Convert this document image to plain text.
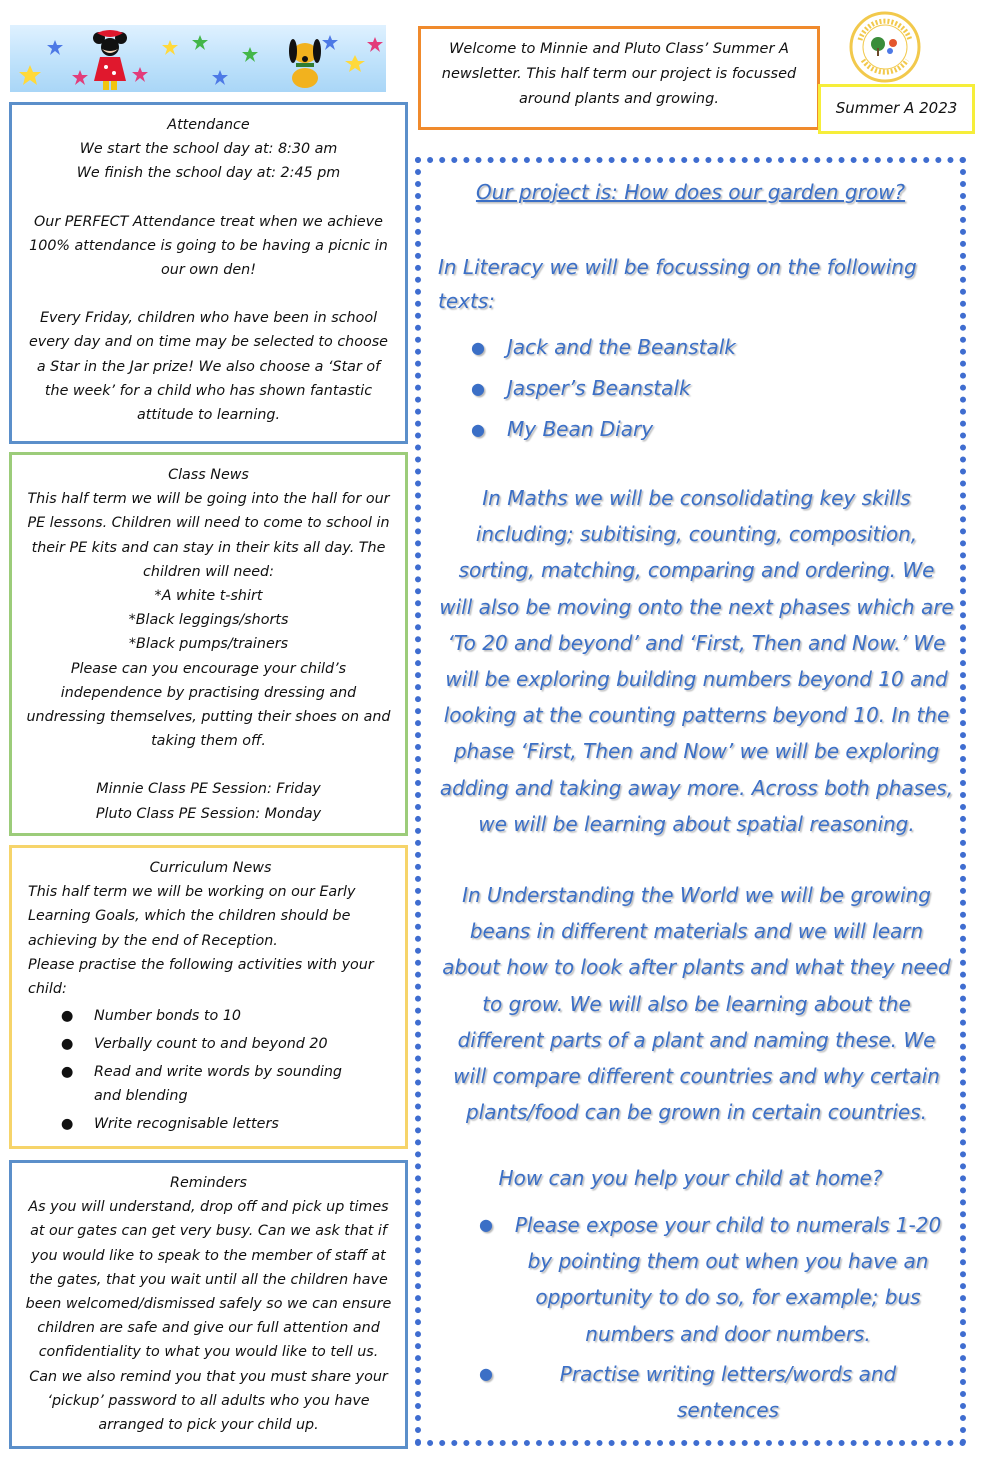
Welcome to Minnie and Pluto Class’ Summer A newsletter. This half term our project is focussed around plants and growing.	Summer A 2023
Attendance
We start the school day at: 8:30 am
We finish the school day at: 2:45 pm
Our PERFECT Attendance treat when we achieve 100% attendance is going to be having a picnic in our own den!
Every Friday, children who have been in school every day and on time may be selected to choose a Star in the Jar prize! We also choose a ‘Star of the week’ for a child who has shown fantastic attitude to learning.
Class News
This half term we will be going into the hall for our PE lessons. Children will need to come to school in their PE kits and can stay in their kits all day. The children will need:
*A white t-shirt
*Black leggings/shorts
*Black pumps/trainers
Please can you encourage your child’s independence by practising dressing and undressing themselves, putting their shoes on and taking them off.
Minnie Class PE Session: Friday
Pluto Class PE Session: Monday
Curriculum News
This half term we will be working on our Early Learning Goals, which the children should be achieving by the end of Reception.
Please practise the following activities with your child:
● Number bonds to 10
● Verbally count to and beyond 20
● Read and write words by sounding and blending
● Write recognisable letters
Reminders
As you will understand, drop off and pick up times at our gates can get very busy. Can we ask that if you would like to speak to the member of staff at the gates, that you wait until all the children have been welcomed/dismissed safely so we can ensure children are safe and give our full attention and confidentiality to what you would like to tell us. Can we also remind you that you must share your ‘pickup’ password to all adults who you have arranged to pick your child up.
Our project is: How does our garden grow?
In Literacy we will be focussing on the following texts:
● Jack and the Beanstalk
● Jasper’s Beanstalk
● My Bean Diary
In Maths we will be consolidating key skills including; subitising, counting, composition, sorting, matching, comparing and ordering. We will also be moving onto the next phases which are ‘To 20 and beyond’ and ‘First, Then and Now.’ We will be exploring building numbers beyond 10 and looking at the counting patterns beyond 10. In the phase ‘First, Then and Now’ we will be exploring adding and taking away more. Across both phases, we will be learning about spatial reasoning.
In Understanding the World we will be growing beans in different materials and we will learn about how to look after plants and what they need to grow. We will also be learning about the different parts of a plant and naming these. We will compare different countries and why certain plants/food can be grown in certain countries.
How can you help your child at home?
● Please expose your child to numerals 1-20 by pointing them out when you have an opportunity to do so, for example; bus numbers and door numbers.
●	Practise writing letters/words and sentences
